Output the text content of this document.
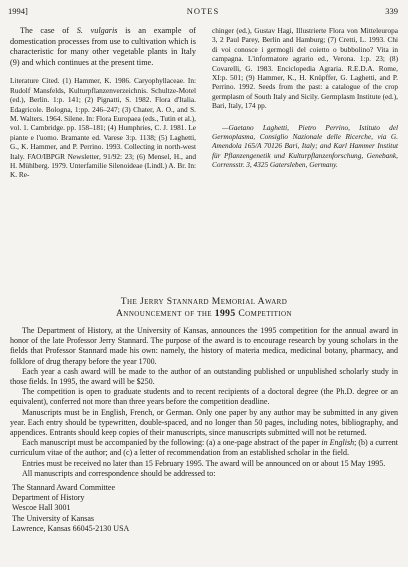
1994]	NOTES	339

The case of S. vulgaris is an example of domestication processes from use to cultivation which is characteristic for many other vegetable plants in Italy (9) and which continues at the present time.

Literature Cited. (1) Hammer, K. 1986. Caryophyllaceae. In: Rudolf Mansfelds, Kulturpflanzenverzeichnis. Schultze-Motel (ed.), Berlin. 1:p. 141; (2) Pignatti, S. 1982. Flora d'Italia. Edagricole. Bologna, 1:pp. 246–247; (3) Chater, A. O., and S. M. Walters. 1964. Silene. In: Flora Europaea (eds., Tutin et al.), vol. 1. Cambridge. pp. 158–181; (4) Humphries, C. J. 1981. Le piante e l'uomo. Bramante ed. Varese 3:p. 1138; (5) Laghetti, G., K. Hammer, and P. Perrino. 1993. Collecting in north-west Italy. FAO/IBPGR Newsletter, 91/92: 23; (6) Mensel, H., and H. Mühlberg. 1979. Unterfamilie Silenoideae (Lindl.) A. Br. In: K. Re-

chinger (ed.), Gustav Hagi, Illustrierte Flora von Mitteleuropa 3, 2 Paul Parey, Berlin and Hamburg; (7) Cretti, L. 1993. Chi di voi conosce i germogli del coietto o bubbolino? Vita in campagna. L'informatore agrario ed., Verona. 1:p. 23; (8) Covarelli, G. 1983. Enciclopedia Agraria. R.E.D.A. Rome, XI:p. 501; (9) Hammer, K., H. Knüpffer, G. Laghetti, and P. Perrino. 1992. Seeds from the past: a catalogue of the crop germplasm of South Italy and Sicily. Germplasm Institute (ed.), Bari, Italy, 174 pp.

—Gaetano Laghetti, Pietro Perrino, Istituto del Germoplasma, Consiglio Nazionale delle Ricerche, via G. Amendola 165/A 70126 Bari, Italy; and Karl Hammer Institut für Pflanzengenetik und Kulturpflanzenforschung, Genebank, Corrensstr. 3, 4325 Gatersleben, Germany.

The Jerry Stannard Memorial Award
Announcement of the 1995 Competition

The Department of History, at the University of Kansas, announces the 1995 competition for the annual award in honor of the late Professor Jerry Stannard. The purpose of the award is to encourage research by young scholars in the fields that Professor Stannard made his own: namely, the history of materia medica, medicinal botany, pharmacy, and folklore of drug therapy before the year 1700.

Each year a cash award will be made to the author of an outstanding published or unpublished scholarly study in those fields. In 1995, the award will be $250.

The competition is open to graduate students and to recent recipients of a doctoral degree (the Ph.D. degree or an equivalent), conferred not more than three years before the competition deadline.

Manuscripts must be in English, French, or German. Only one paper by any author may be submitted in any given year. Each entry should be typewritten, double-spaced, and no longer than 50 pages, including notes, bibliography, and appendices. Entrants should keep copies of their manuscripts, since manuscripts submitted will not be returned.

Each manuscript must be accompanied by the following: (a) a one-page abstract of the paper in English; (b) a current curriculum vitae of the author; and (c) a letter of recommendation from an established scholar in the field.

Entries must be received no later than 15 February 1995. The award will be announced on or about 15 May 1995.

All manuscripts and correspondence should be addressed to:

The Stannard Award Committee
Department of History
Wescoe Hall 3001
The University of Kansas
Lawrence, Kansas 66045-2130 USA
